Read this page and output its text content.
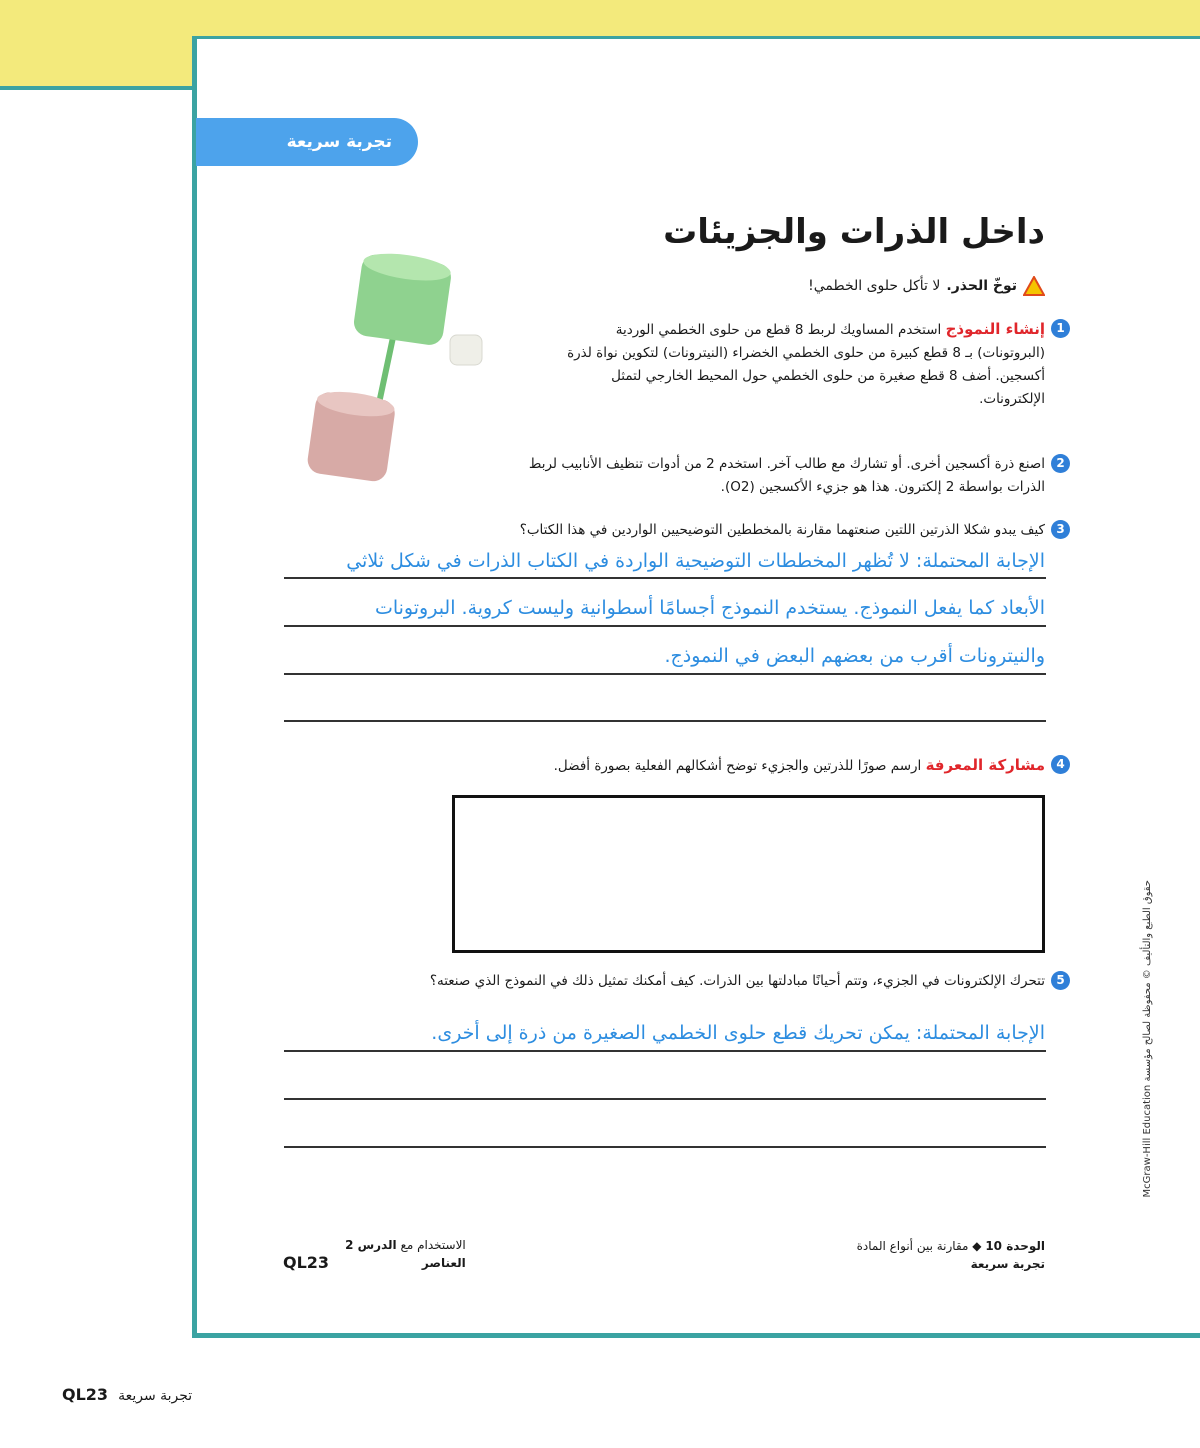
تجربة سريعة
داخل الذرات والجزيئات
توخّ الحذر.
لا تأكل حلوى الخطمي!
1
إنشاء النموذج استخدم المساويك لربط 8 قطع من حلوى الخطمي الوردية (البروتونات) بـ 8 قطع كبيرة من حلوى الخطمي الخضراء (النيترونات) لتكوين نواة لذرة أكسجين. أضف 8 قطع صغيرة من حلوى الخطمي حول المحيط الخارجي لتمثل الإلكترونات.
2
اصنع ذرة أكسجين أخرى. أو تشارك مع طالب آخر. استخدم 2 من أدوات تنظيف الأنابيب لربط الذرات بواسطة 2 إلكترون. هذا هو جزيء الأكسجين (O2).
3
كيف يبدو شكلا الذرتين اللتين صنعتهما مقارنة بالمخططين التوضيحيين الواردين في هذا الكتاب؟
الإجابة المحتملة: لا تُظهر المخططات التوضيحية الواردة في الكتاب الذرات في شكل ثلاثي
الأبعاد كما يفعل النموذج. يستخدم النموذج أجسامًا أسطوانية وليست كروية. البروتونات
والنيترونات أقرب من بعضهم البعض في النموذج.
4
مشاركة المعرفة ارسم صورًا للذرتين والجزيء توضح أشكالهم الفعلية بصورة أفضل.
5
تتحرك الإلكترونات في الجزيء، وتتم أحيانًا مبادلتها بين الذرات. كيف أمكنك تمثيل ذلك في النموذج الذي صنعته؟
الإجابة المحتملة: يمكن تحريك قطع حلوى الخطمي الصغيرة من ذرة إلى أخرى.
الوحدة 10 ◆ مقارنة بين أنواع المادة
تجربة سريعة
QL23
الاستخدام مع الدرس 2
العناصر
حقوق الطبع والتأليف © محفوظة لصالح مؤسسة McGraw-Hill Education
QL23 تجربة سريعة
